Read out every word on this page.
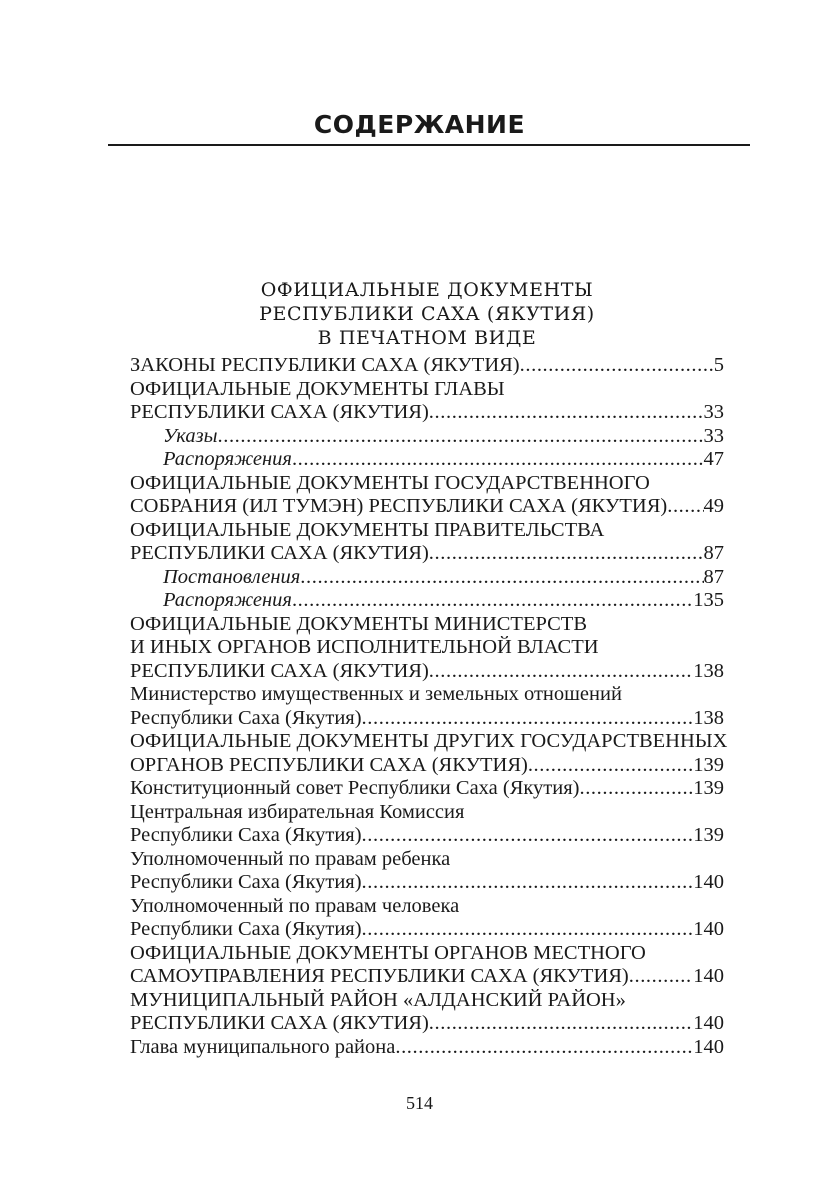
СОДЕРЖАНИЕ
ОФИЦИАЛЬНЫЕ ДОКУМЕНТЫ
РЕСПУБЛИКИ САХА (ЯКУТИЯ)
В ПЕЧАТНОМ ВИДЕ
ЗАКОНЫ РЕСПУБЛИКИ САХА (ЯКУТИЯ) .....	5
ОФИЦИАЛЬНЫЕ ДОКУМЕНТЫ ГЛАВЫ
РЕСПУБЛИКИ САХА (ЯКУТИЯ) .....	33
Указы .....	33
Распоряжения .....	47
ОФИЦИАЛЬНЫЕ ДОКУМЕНТЫ ГОСУДАРСТВЕННОГО
СОБРАНИЯ (ИЛ ТУМЭН) РЕСПУБЛИКИ САХА (ЯКУТИЯ) ..... 49
ОФИЦИАЛЬНЫЕ ДОКУМЕНТЫ ПРАВИТЕЛЬСТВА
РЕСПУБЛИКИ САХА (ЯКУТИЯ) .....	87
Постановления .....	87
Распоряжения .....	135
ОФИЦИАЛЬНЫЕ ДОКУМЕНТЫ МИНИСТЕРСТВ
И ИНЫХ ОРГАНОВ ИСПОЛНИТЕЛЬНОЙ ВЛАСТИ
РЕСПУБЛИКИ САХА (ЯКУТИЯ) .....	138
Министерство имущественных и земельных отношений
Республики Саха (Якутия) .....	138
ОФИЦИАЛЬНЫЕ ДОКУМЕНТЫ ДРУГИХ ГОСУДАРСТВЕННЫХ
ОРГАНОВ РЕСПУБЛИКИ САХА (ЯКУТИЯ) .....	139
Конституционный совет Республики Саха (Якутия) .....	139
Центральная избирательная Комиссия
Республики Саха (Якутия) .....	139
Уполномоченный по правам ребенка
Республики Саха (Якутия) .....	140
Уполномоченный по правам человека
Республики Саха (Якутия) .....	140
ОФИЦИАЛЬНЫЕ ДОКУМЕНТЫ ОРГАНОВ МЕСТНОГО
САМОУПРАВЛЕНИЯ РЕСПУБЛИКИ САХА (ЯКУТИЯ) .....	140
МУНИЦИПАЛЬНЫЙ РАЙОН «АЛДАНСКИЙ РАЙОН»
РЕСПУБЛИКИ САХА (ЯКУТИЯ) .....	140
Глава муниципального района .....	140
514
